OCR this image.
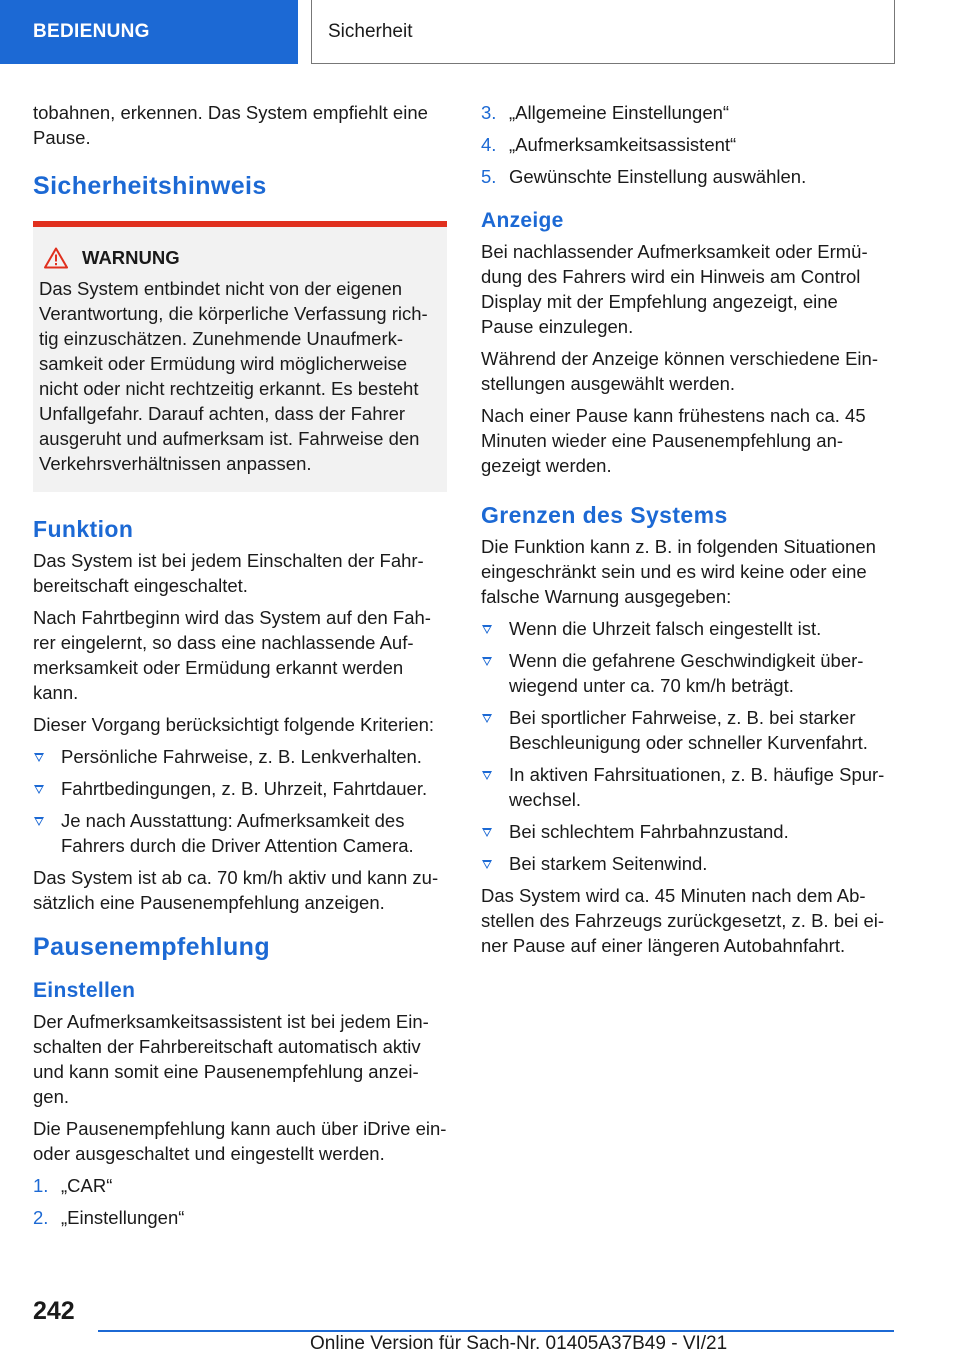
BEDIENUNG	Sicherheit

tobahnen, erkennen. Das System empfiehlt eine Pause.

Sicherheitshinweis
WARNUNG

Das System entbindet nicht von der eigenen Verantwortung, die körperliche Verfassung rich-tig einzuschätzen. Zunehmende Unaufmerk-samkeit oder Ermüdung wird möglicherweise nicht oder nicht rechtzeitig erkannt. Es besteht Unfallgefahr. Darauf achten, dass der Fahrer ausgeruht und aufmerksam ist. Fahrweise den Verkehrsverhältnissen anpassen.

Funktion

Das System ist bei jedem Einschalten der Fahr-bereitschaft eingeschaltet.

Nach Fahrtbeginn wird das System auf den Fah-rer eingelernt, so dass eine nachlassende Auf-merksamkeit oder Ermüdung erkannt werden kann.

Dieser Vorgang berücksichtigt folgende Kriterien:

Persönliche Fahrweise, z. B. Lenkverhalten.
Fahrtbedingungen, z. B. Uhrzeit, Fahrtdauer.
Je nach Ausstattung: Aufmerksamkeit des Fahrers durch die Driver Attention Camera.

Das System ist ab ca. 70 km/h aktiv und kann zu-sätzlich eine Pausenempfehlung anzeigen.

Pausenempfehlung
Einstellen

Der Aufmerksamkeitsassistent ist bei jedem Ein-schalten der Fahrbereitschaft automatisch aktiv und kann somit eine Pausenempfehlung anzei-gen.

Die Pausenempfehlung kann auch über iDrive ein- oder ausgeschaltet und eingestellt werden.

1. „CAR“
2. „Einstellungen“
3. „Allgemeine Einstellungen“
4. „Aufmerksamkeitsassistent“
5. Gewünschte Einstellung auswählen.
Anzeige

Bei nachlassender Aufmerksamkeit oder Ermü-dung des Fahrers wird ein Hinweis am Control Display mit der Empfehlung angezeigt, eine Pause einzulegen.

Während der Anzeige können verschiedene Ein-stellungen ausgewählt werden.

Nach einer Pause kann frühestens nach ca. 45 Minuten wieder eine Pausenempfehlung an-gezeigt werden.

Grenzen des Systems

Die Funktion kann z. B. in folgenden Situationen eingeschränkt sein und es wird keine oder eine falsche Warnung ausgegeben:

Wenn die Uhrzeit falsch eingestellt ist.
Wenn die gefahrene Geschwindigkeit über-wiegend unter ca. 70 km/h beträgt.
Bei sportlicher Fahrweise, z. B. bei starker Beschleunigung oder schneller Kurvenfahrt.
In aktiven Fahrsituationen, z. B. häufige Spur-wechsel.
Bei schlechtem Fahrbahnzustand.
Bei starkem Seitenwind.

Das System wird ca. 45 Minuten nach dem Ab-stellen des Fahrzeugs zurückgesetzt, z. B. bei ei-ner Pause auf einer längeren Autobahnfahrt.

242
Online Version für Sach-Nr. 01405A37B49 - VI/21
